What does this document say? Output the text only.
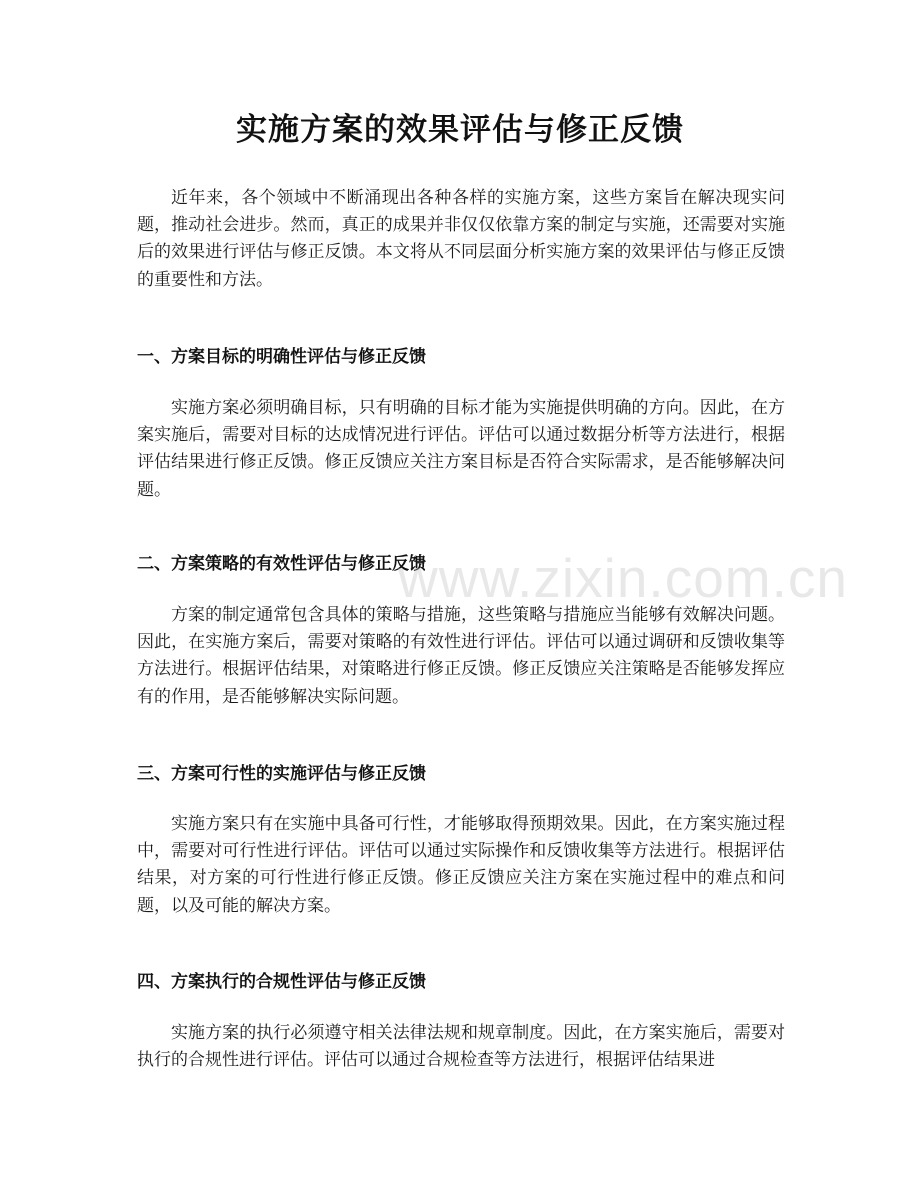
实施方案的效果评估与修正反馈

近年来，各个领域中不断涌现出各种各样的实施方案，这些方案旨在解决现实问题，推动社会进步。然而，真正的成果并非仅仅依靠方案的制定与实施，还需要对实施后的效果进行评估与修正反馈。本文将从不同层面分析实施方案的效果评估与修正反馈的重要性和方法。

一、方案目标的明确性评估与修正反馈

实施方案必须明确目标，只有明确的目标才能为实施提供明确的方向。因此，在方案实施后，需要对目标的达成情况进行评估。评估可以通过数据分析等方法进行，根据评估结果进行修正反馈。修正反馈应关注方案目标是否符合实际需求，是否能够解决问题。

二、方案策略的有效性评估与修正反馈

方案的制定通常包含具体的策略与措施，这些策略与措施应当能够有效解决问题。因此，在实施方案后，需要对策略的有效性进行评估。评估可以通过调研和反馈收集等方法进行。根据评估结果，对策略进行修正反馈。修正反馈应关注策略是否能够发挥应有的作用，是否能够解决实际问题。

三、方案可行性的实施评估与修正反馈

实施方案只有在实施中具备可行性，才能够取得预期效果。因此，在方案实施过程中，需要对可行性进行评估。评估可以通过实际操作和反馈收集等方法进行。根据评估结果，对方案的可行性进行修正反馈。修正反馈应关注方案在实施过程中的难点和问题，以及可能的解决方案。

四、方案执行的合规性评估与修正反馈

实施方案的执行必须遵守相关法律法规和规章制度。因此，在方案实施后，需要对执行的合规性进行评估。评估可以通过合规检查等方法进行，根据评估结果进

www.zixin.com.cn
